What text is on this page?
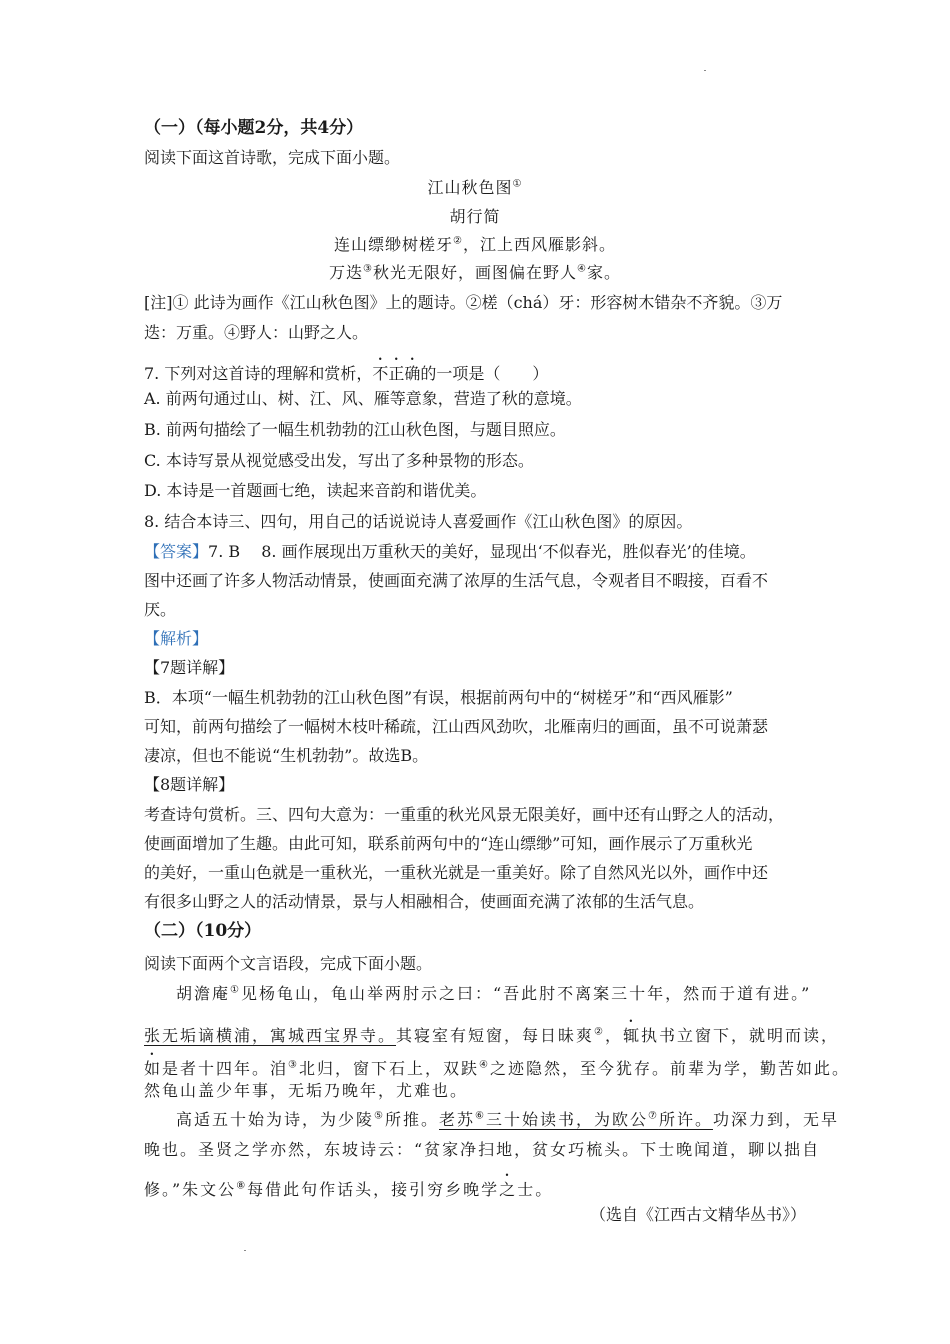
（一）（每小题2分，共4分）
阅读下面这首诗歌，完成下面小题。
江山秋色图①
胡行简
连山缥缈树槎牙②，江上西风雁影斜。
万迭③秋光无限好，画图偏在野人④家。
[注]① 此诗为画作《江山秋色图》上的题诗。②槎（chá）牙：形容树木错杂不齐貌。③万
迭：万重。④野人：山野之人。
7. 下列对这首诗的理解和赏析，不正确的一项是（　　）
A. 前两句通过山、树、江、风、雁等意象，营造了秋的意境。
B. 前两句描绘了一幅生机勃勃的江山秋色图，与题目照应。
C. 本诗写景从视觉感受出发，写出了多种景物的形态。
D. 本诗是一首题画七绝，读起来音韵和谐优美。
8. 结合本诗三、四句，用自己的话说说诗人喜爱画作《江山秋色图》的原因。
【答案】7. B　 8. 画作展现出万重秋天的美好，显现出‘不似春光，胜似春光’的佳境。
图中还画了许多人物活动情景，使画面充满了浓厚的生活气息，令观者目不暇接，百看不
厌。
【解析】
【7题详解】
B．本项“一幅生机勃勃的江山秋色图”有误，根据前两句中的“树槎牙”和“西风雁影”
可知，前两句描绘了一幅树木枝叶稀疏，江山西风劲吹，北雁南归的画面，虽不可说萧瑟
凄凉，但也不能说“生机勃勃”。故选B。
【8题详解】
考查诗句赏析。三、四句大意为：一重重的秋光风景无限美好，画中还有山野之人的活动，
使画面增加了生趣。由此可知，联系前两句中的“连山缥缈”可知，画作展示了万重秋光
的美好，一重山色就是一重秋光，一重秋光就是一重美好。除了自然风光以外，画作中还
有很多山野之人的活动情景，景与人相融相合，使画面充满了浓郁的生活气息。
（二）（10分）
阅读下面两个文言语段，完成下面小题。
胡澹庵①见杨龟山，龟山举两肘示之曰：“吾此肘不离案三十年，然而于道有进。”
张无垢谪横浦，寓城西宝界寺。其寝室有短窗，每日昧爽②，辄执书立窗下，就明而读，
如是者十四年。洎③北归，窗下石上，双趺④之迹隐然，至今犹存。前辈为学，勤苦如此。
然龟山盖少年事，无垢乃晚年，尤难也。
高适五十始为诗，为少陵⑤所推。老苏⑥三十始读书，为欧公⑦所许。功深力到，无早
晚也。圣贤之学亦然，东坡诗云：“贫家净扫地，贫女巧梳头。下士晚闻道，聊以拙自
修。”朱文公⑧每借此句作话头，接引穷乡晚学之士。
（选自《江西古文精华丛书》）
